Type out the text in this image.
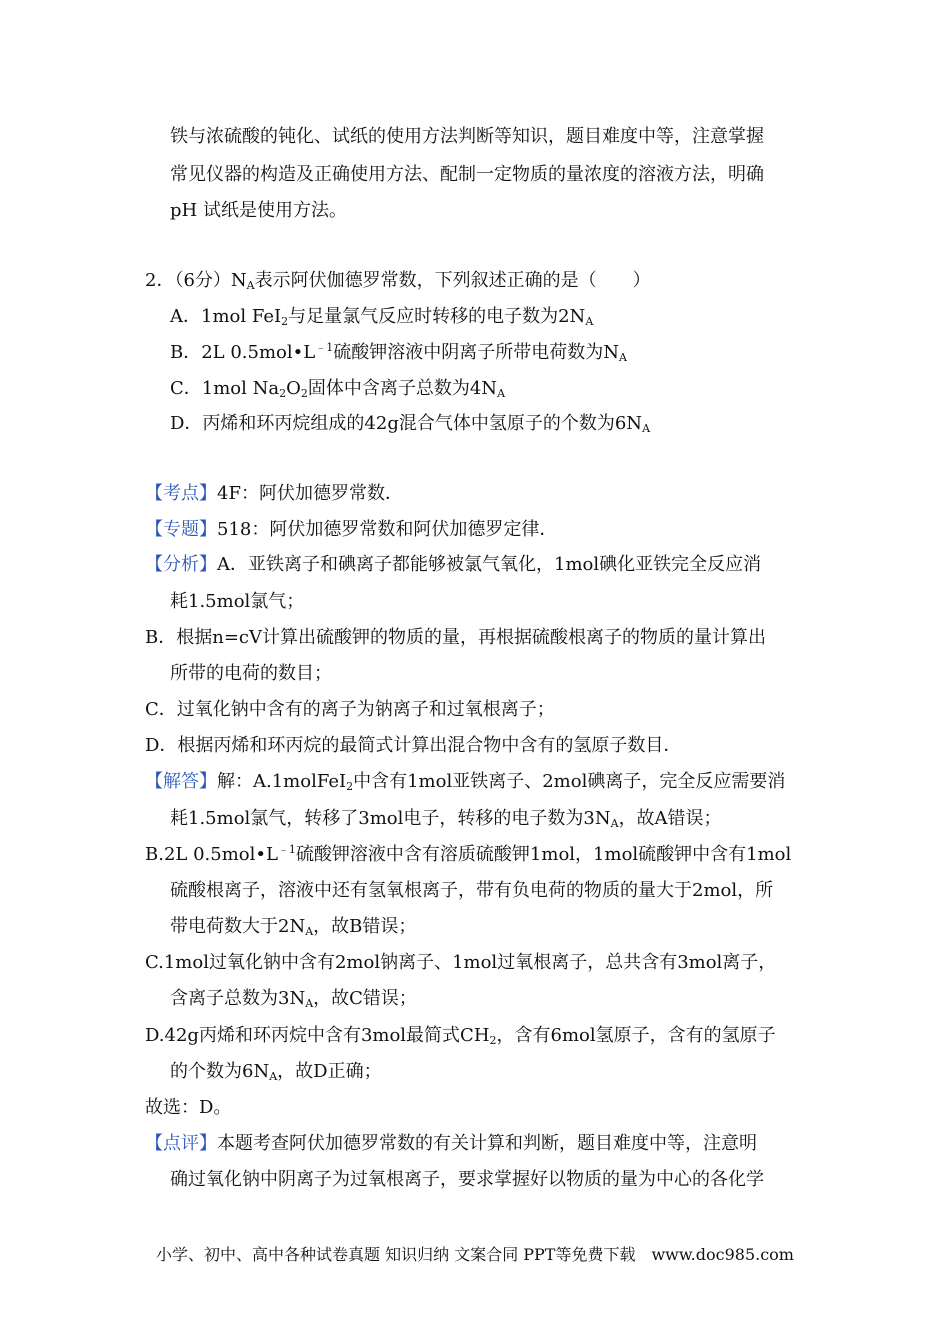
铁与浓硫酸的钝化、试纸的使用方法判断等知识，题目难度中等，注意掌握
常见仪器的构造及正确使用方法、配制一定物质的量浓度的溶液方法，明确
pH 试纸是使用方法。
2．（6分）$N_A$表示阿伏伽德罗常数，下列叙述正确的是（　　）
A．1mol FeI$_2$与足量氯气反应时转移的电子数为$2N_A$
B．2L $0.5mol•L^{﹣1}$硫酸钾溶液中阴离子所带电荷数为$N_A$
C．1mol $Na_2O_2$固体中含离子总数为$4N_A$
D．丙烯和环丙烷组成的42g混合气体中氢原子的个数为$6N_A$
【考点】4F：阿伏加德罗常数．
【专题】518：阿伏加德罗常数和阿伏加德罗定律．
【分析】A．亚铁离子和碘离子都能够被氯气氧化，1mol碘化亚铁完全反应消
耗1.5mol氯气；
B．根据n=cV计算出硫酸钾的物质的量，再根据硫酸根离子的物质的量计算出
所带的电荷的数目；
C．过氧化钠中含有的离子为钠离子和过氧根离子；
D．根据丙烯和环丙烷的最简式计算出混合物中含有的氢原子数目．
【解答】解：A.1molFeI$_2$中含有1mol亚铁离子、2mol碘离子，完全反应需要消
耗1.5mol氯气，转移了3mol电子，转移的电子数为$3N_A$，故A错误；
B.2L $0.5mol•L^{﹣1}$硫酸钾溶液中含有溶质硫酸钾1mol，1mol硫酸钾中含有1mol
硫酸根离子，溶液中还有氢氧根离子，带有负电荷的物质的量大于2mol，所
带电荷数大于$2N_A$，故B错误；
C.1mol过氧化钠中含有2mol钠离子、1mol过氧根离子，总共含有3mol离子，
含离子总数为$3N_A$，故C错误；
D.42g丙烯和环丙烷中含有3mol最简式$CH_2$，含有6mol氢原子，含有的氢原子
的个数为$6N_A$，故D正确；
故选：D。
【点评】本题考查阿伏加德罗常数的有关计算和判断，题目难度中等，注意明
确过氧化钠中阴离子为过氧根离子，要求掌握好以物质的量为中心的各化学
小学、初中、高中各种试卷真题 知识归纳 文案合同 PPT等免费下载　www.doc985.com
